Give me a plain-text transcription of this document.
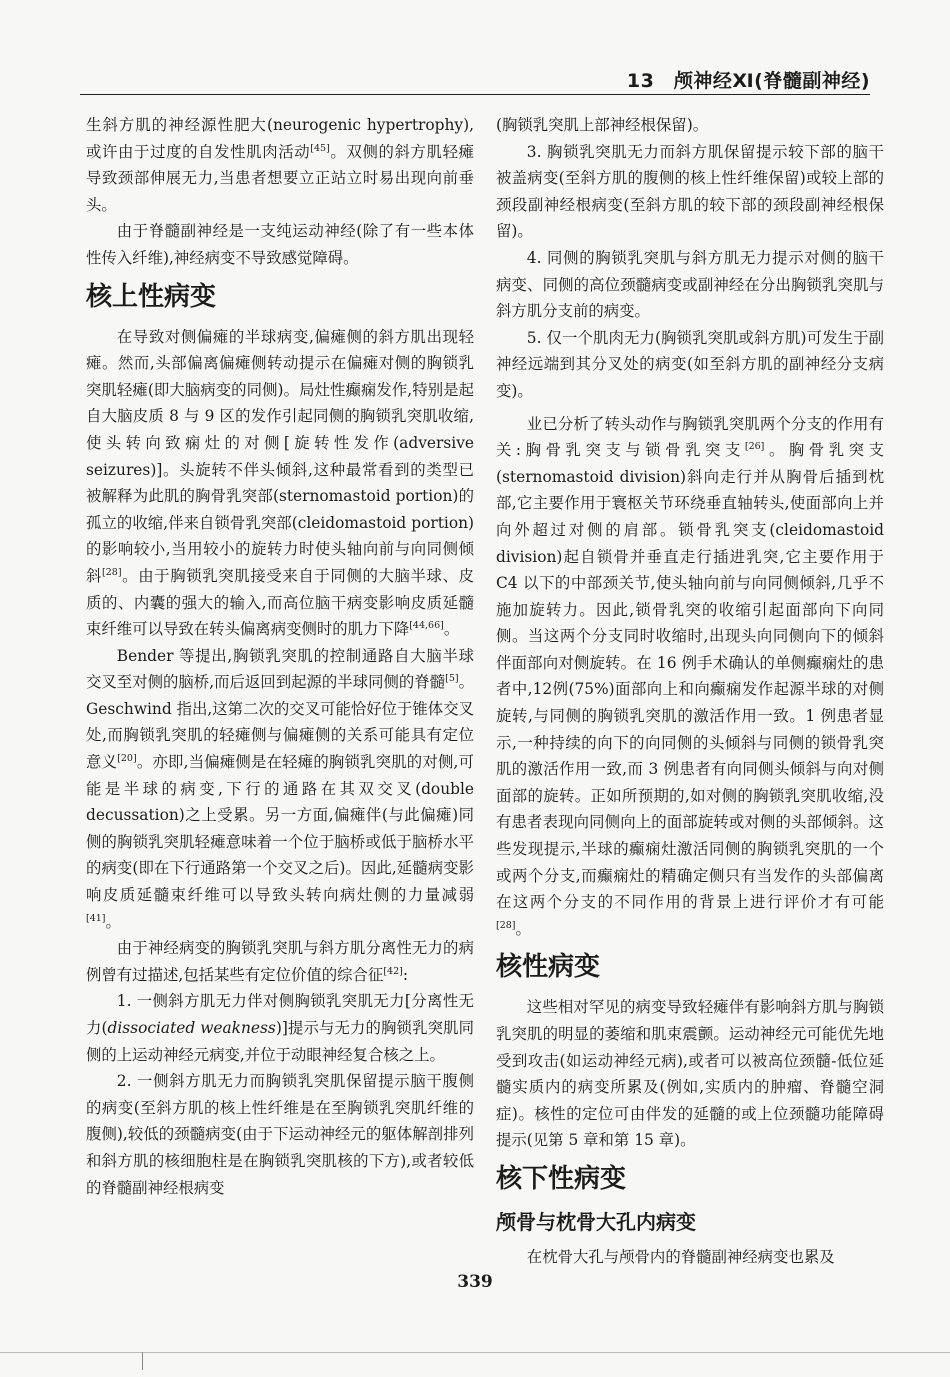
13　颅神经Ⅺ(脊髓副神经)

生斜方肌的神经源性肥大(neurogenic hypertrophy),或许由于过度的自发性肌肉活动[45]。双侧的斜方肌轻瘫导致颈部伸展无力,当患者想要立正站立时易出现向前垂头。

由于脊髓副神经是一支纯运动神经(除了有一些本体性传入纤维),神经病变不导致感觉障碍。

核上性病变

在导致对侧偏瘫的半球病变,偏瘫侧的斜方肌出现轻瘫。然而,头部偏离偏瘫侧转动提示在偏瘫对侧的胸锁乳突肌轻瘫(即大脑病变的同侧)。局灶性癫痫发作,特别是起自大脑皮质 8 与 9 区的发作引起同侧的胸锁乳突肌收缩,使头转向致痫灶的对侧[旋转性发作(adversive seizures)]。头旋转不伴头倾斜,这种最常看到的类型已被解释为此肌的胸骨乳突部(sternomastoid portion)的孤立的收缩,伴来自锁骨乳突部(cleidomastoid portion)的影响较小,当用较小的旋转力时使头轴向前与向同侧倾斜[28]。由于胸锁乳突肌接受来自于同侧的大脑半球、皮质的、内囊的强大的输入,而高位脑干病变影响皮质延髓束纤维可以导致在转头偏离病变侧时的肌力下降[44,66]。

Bender 等提出,胸锁乳突肌的控制通路自大脑半球交叉至对侧的脑桥,而后返回到起源的半球同侧的脊髓[5]。Geschwind 指出,这第二次的交叉可能恰好位于锥体交叉处,而胸锁乳突肌的轻瘫侧与偏瘫侧的关系可能具有定位意义[20]。亦即,当偏瘫侧是在轻瘫的胸锁乳突肌的对侧,可能是半球的病变,下行的通路在其双交叉(double decussation)之上受累。另一方面,偏瘫伴(与此偏瘫)同侧的胸锁乳突肌轻瘫意味着一个位于脑桥或低于脑桥水平的病变(即在下行通路第一个交叉之后)。因此,延髓病变影响皮质延髓束纤维可以导致头转向病灶侧的力量减弱[41]。

由于神经病变的胸锁乳突肌与斜方肌分离性无力的病例曾有过描述,包括某些有定位价值的综合征[42]:

1. 一侧斜方肌无力伴对侧胸锁乳突肌无力[分离性无力(dissociated weakness)]提示与无力的胸锁乳突肌同侧的上运动神经元病变,并位于动眼神经复合核之上。

2. 一侧斜方肌无力而胸锁乳突肌保留提示脑干腹侧的病变(至斜方肌的核上性纤维是在至胸锁乳突肌纤维的腹侧),较低的颈髓病变(由于下运动神经元的躯体解剖排列和斜方肌的核细胞柱是在胸锁乳突肌核的下方),或者较低的脊髓副神经根病变

(胸锁乳突肌上部神经根保留)。

3. 胸锁乳突肌无力而斜方肌保留提示较下部的脑干被盖病变(至斜方肌的腹侧的核上性纤维保留)或较上部的颈段副神经根病变(至斜方肌的较下部的颈段副神经根保留)。

4. 同侧的胸锁乳突肌与斜方肌无力提示对侧的脑干病变、同侧的高位颈髓病变或副神经在分出胸锁乳突肌与斜方肌分支前的病变。

5. 仅一个肌肉无力(胸锁乳突肌或斜方肌)可发生于副神经远端到其分叉处的病变(如至斜方肌的副神经分支病变)。

业已分析了转头动作与胸锁乳突肌两个分支的作用有关:胸骨乳突支与锁骨乳突支[26]。胸骨乳突支(sternomastoid division)斜向走行并从胸骨后插到枕部,它主要作用于寰枢关节环绕垂直轴转头,使面部向上并向外超过对侧的肩部。锁骨乳突支(cleidomastoid division)起自锁骨并垂直走行插进乳突,它主要作用于 C4 以下的中部颈关节,使头轴向前与向同侧倾斜,几乎不施加旋转力。因此,锁骨乳突的收缩引起面部向下向同侧。当这两个分支同时收缩时,出现头向同侧向下的倾斜伴面部向对侧旋转。在 16 例手术确认的单侧癫痫灶的患者中,12例(75%)面部向上和向癫痫发作起源半球的对侧旋转,与同侧的胸锁乳突肌的激活作用一致。1 例患者显示,一种持续的向下的向同侧的头倾斜与同侧的锁骨乳突肌的激活作用一致,而 3 例患者有向同侧头倾斜与向对侧面部的旋转。正如所预期的,如对侧的胸锁乳突肌收缩,没有患者表现向同侧向上的面部旋转或对侧的头部倾斜。这些发现提示,半球的癫痫灶激活同侧的胸锁乳突肌的一个或两个分支,而癫痫灶的精确定侧只有当发作的头部偏离在这两个分支的不同作用的背景上进行评价才有可能[28]。

核性病变

这些相对罕见的病变导致轻瘫伴有影响斜方肌与胸锁乳突肌的明显的萎缩和肌束震颤。运动神经元可能优先地受到攻击(如运动神经元病),或者可以被高位颈髓-低位延髓实质内的病变所累及(例如,实质内的肿瘤、脊髓空洞症)。核性的定位可由伴发的延髓的或上位颈髓功能障碍提示(见第 5 章和第 15 章)。

核下性病变
颅骨与枕骨大孔内病变

在枕骨大孔与颅骨内的脊髓副神经病变也累及

339
